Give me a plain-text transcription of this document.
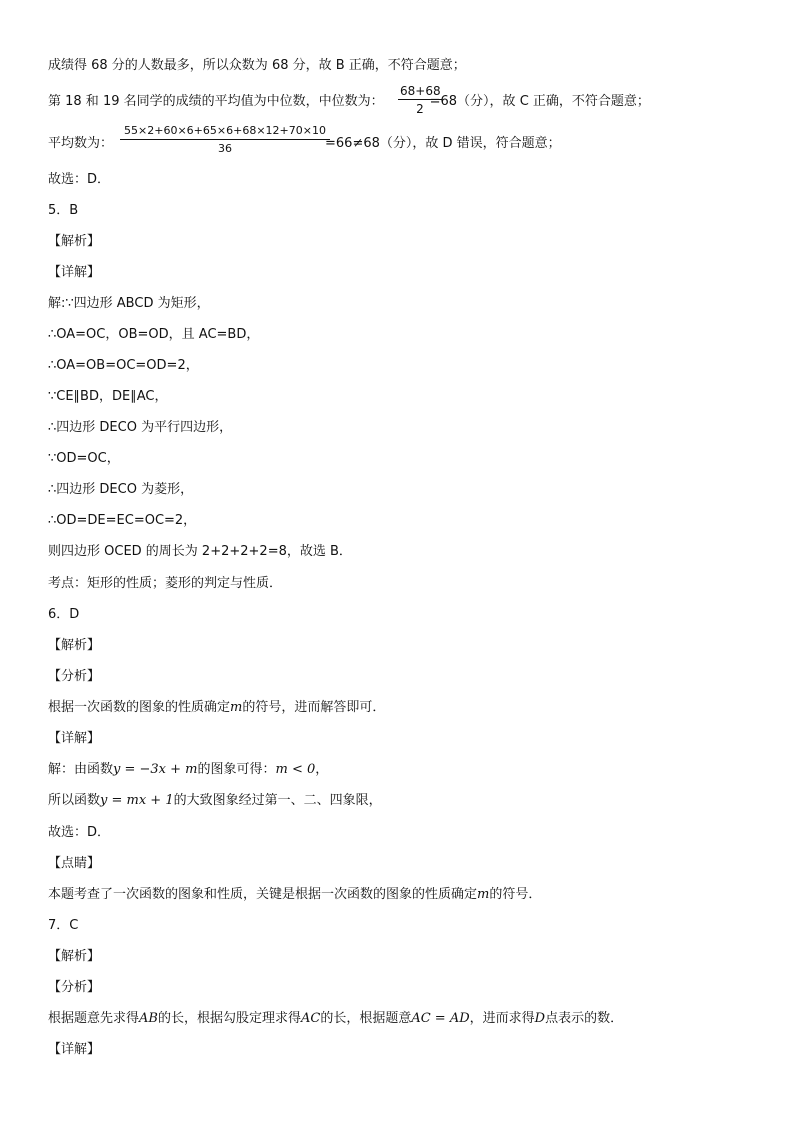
成绩得 68 分的人数最多，所以众数为 68 分，故 B 正确，不符合题意；
第 18 和 19 名同学的成绩的平均值为中位数，中位数为：	=68（分），故 C 正确，不符合题意；
68+68
2
平均数为：	=66≠68（分），故 D 错误，符合题意；
55×2+60×6+65×6+68×12+70×10
36
故选：D．
5．B
【解析】
【详解】
解:∵四边形 ABCD 为矩形，
∴OA=OC，OB=OD，且 AC=BD，
∴OA=OB=OC=OD=2，
∵CE∥BD，DE∥AC，
∴四边形 DECO 为平行四边形，
∵OD=OC，
∴四边形 DECO 为菱形，
∴OD=DE=EC=OC=2，
则四边形 OCED 的周长为 2+2+2+2=8，故选 B．
考点：矩形的性质；菱形的判定与性质．
6．D
【解析】
【分析】
根据一次函数的图象的性质确定m的符号，进而解答即可．
【详解】
解：由函数y = −3x + m的图象可得：m < 0，
所以函数y = mx + 1的大致图象经过第一、二、四象限，
故选：D．
【点睛】
本题考查了一次函数的图象和性质，关键是根据一次函数的图象的性质确定m的符号．
7．C
【解析】
【分析】
根据题意先求得AB的长，根据勾股定理求得AC的长，根据题意AC = AD，进而求得D点表示的数．
【详解】
